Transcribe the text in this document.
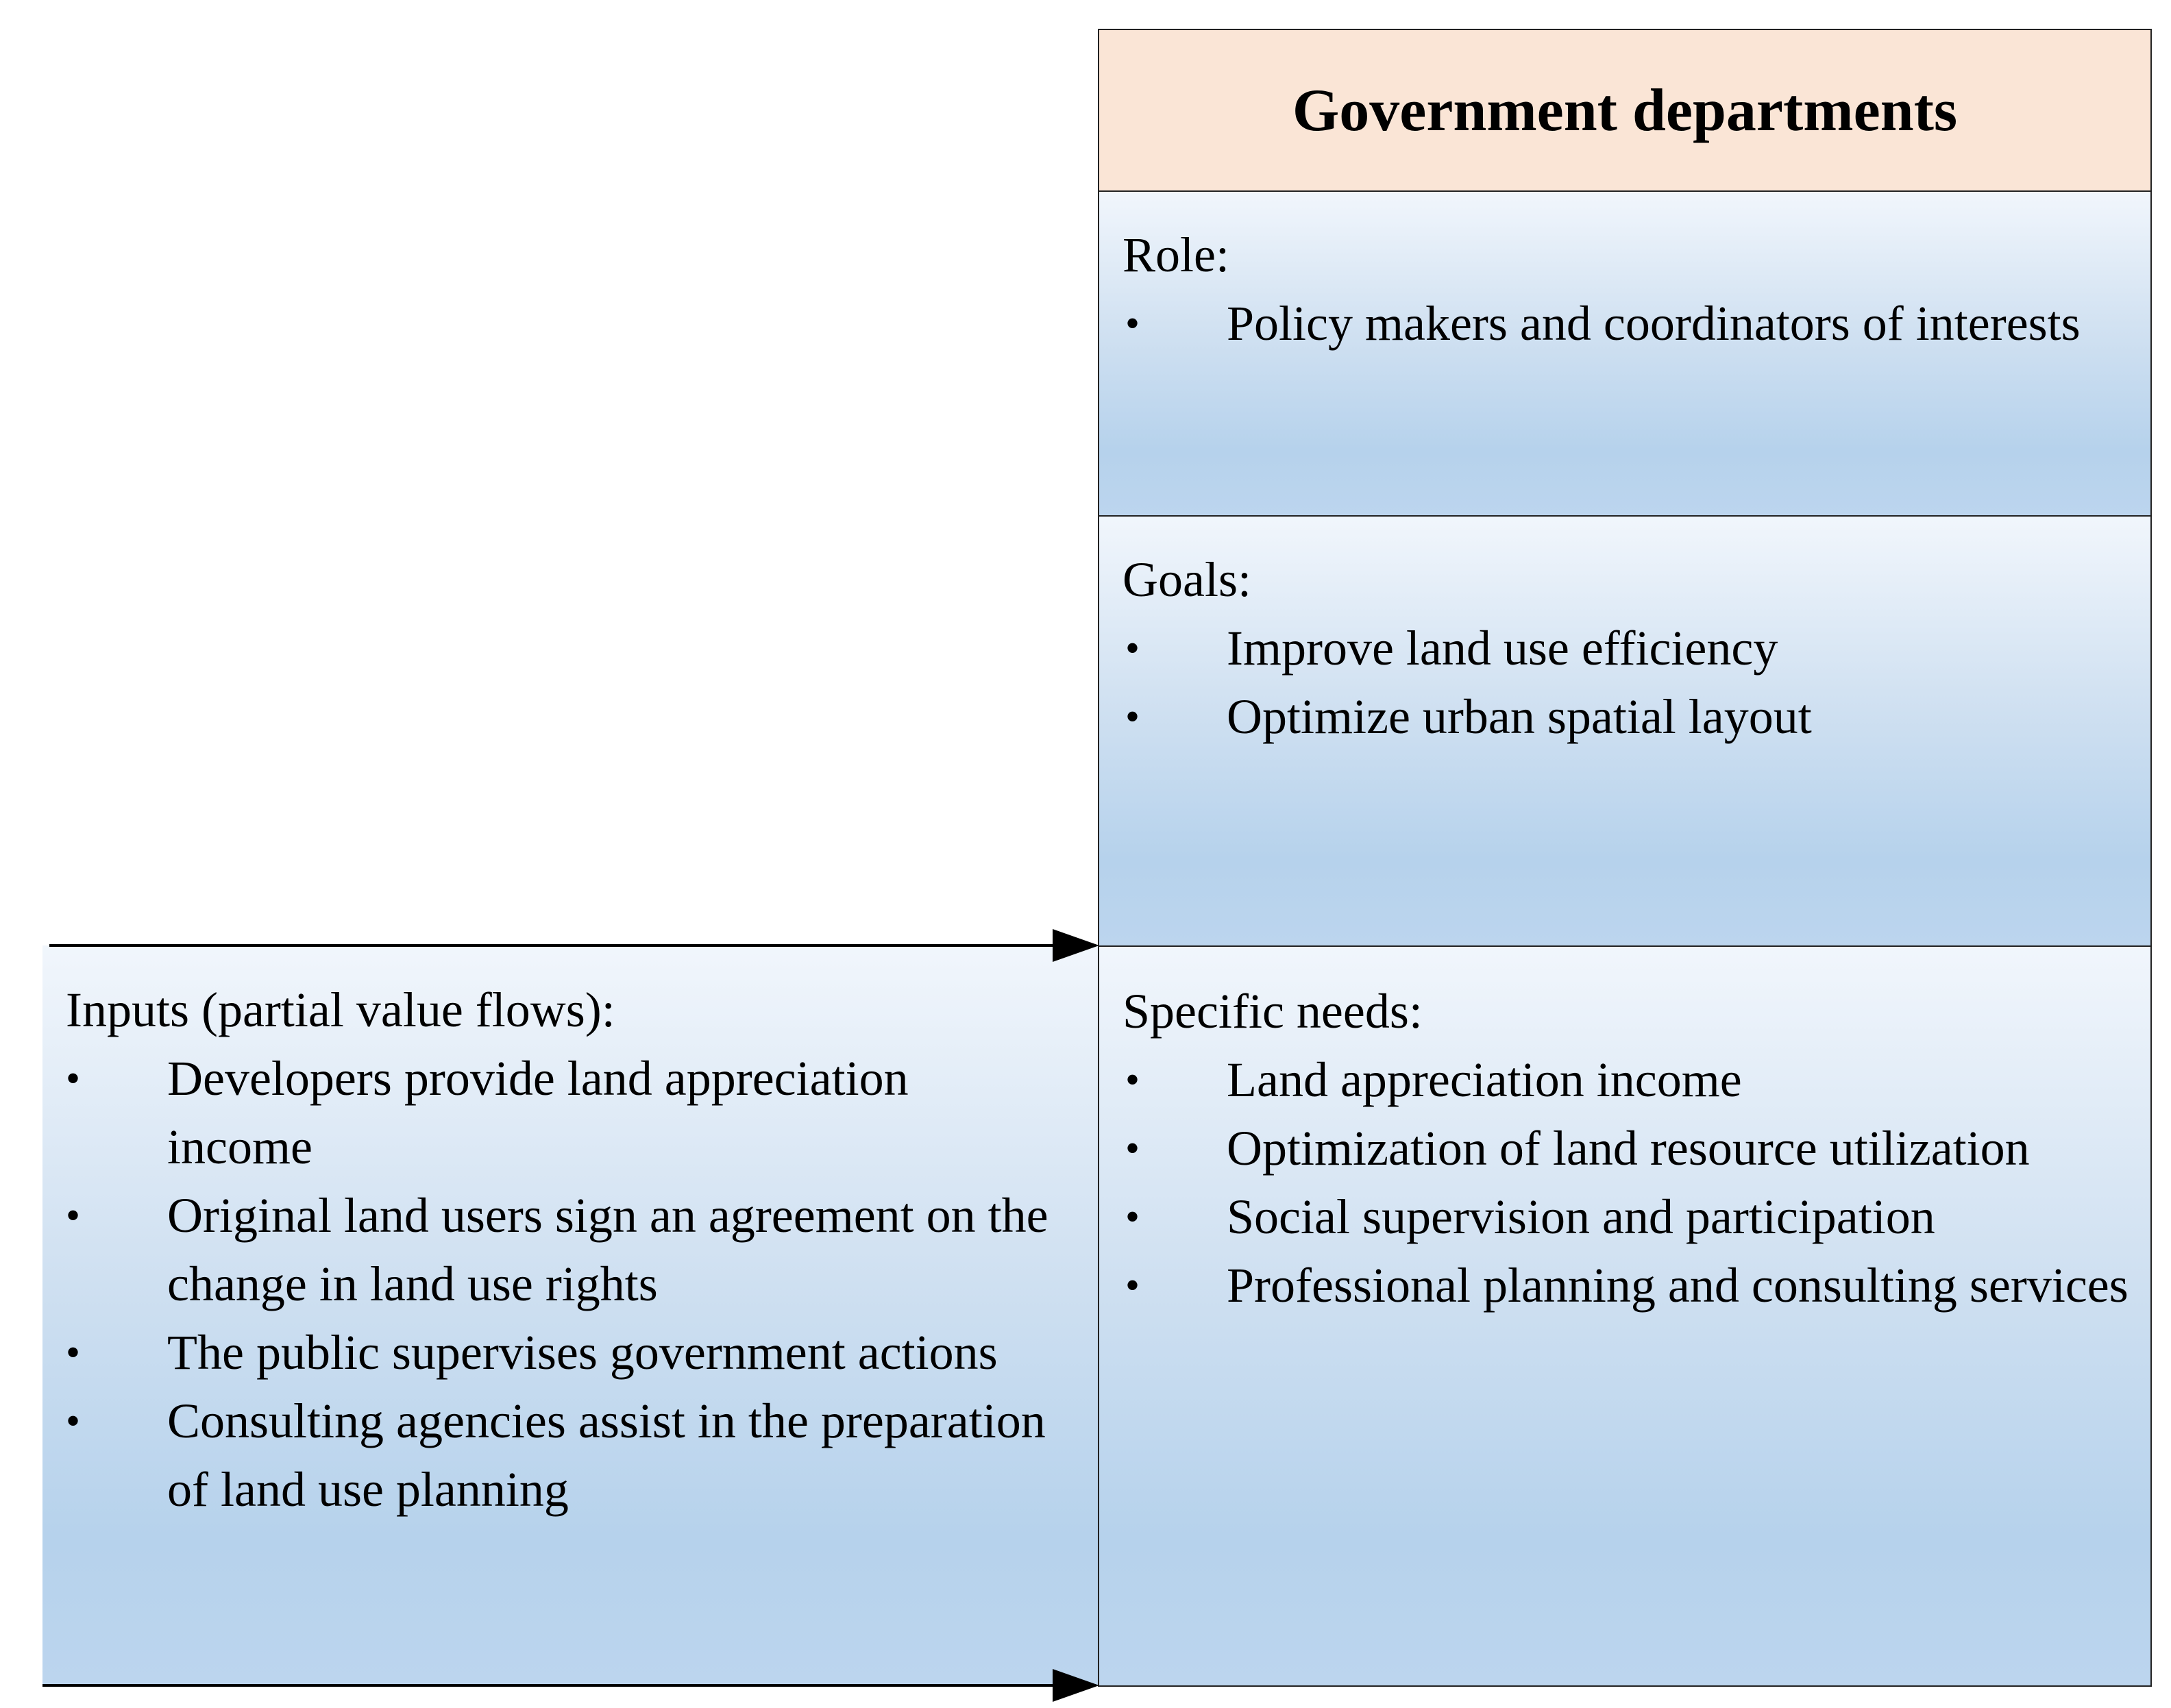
Inputs (partial value flows):
• Developers provide land appreciation income
• Original land users sign an agreement on the change in land use rights
• The public supervises government actions
• Consulting agencies assist in the preparation of land use planning
Government departments
Role:
• Policy makers and coordinators of interests
Goals:
• Improve land use efficiency
• Optimize urban spatial layout
Specific needs:
• Land appreciation income
• Optimization of land resource utilization
• Social supervision and participation
• Professional planning and consulting services
